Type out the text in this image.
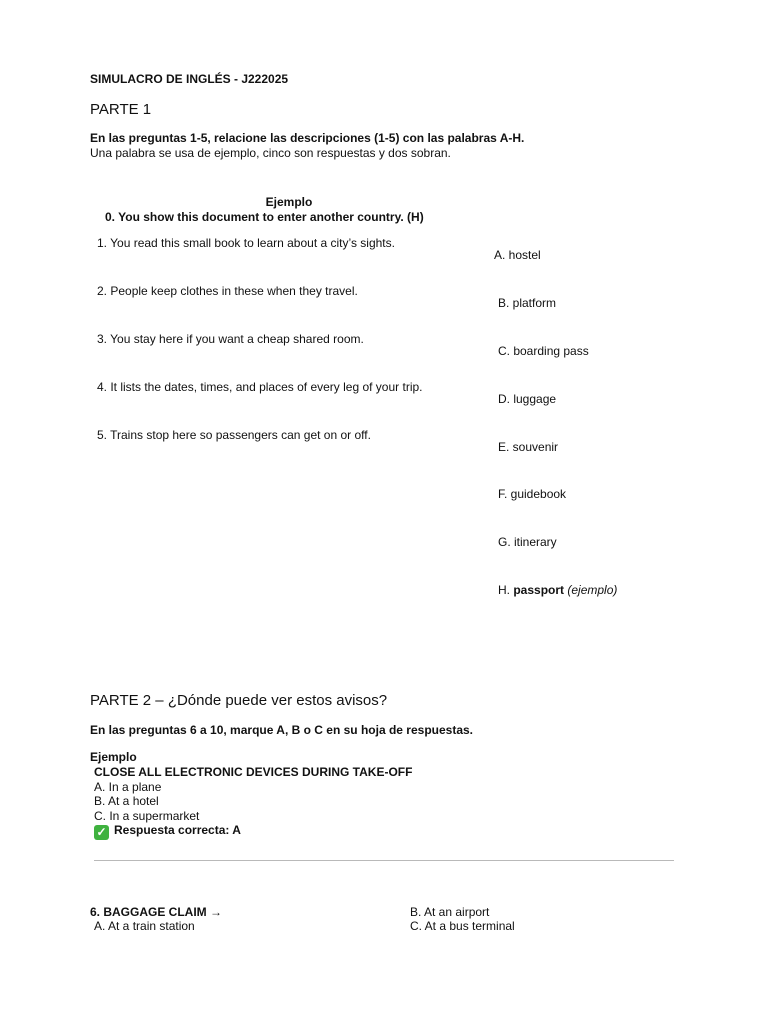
SIMULACRO DE INGLÉS - J222025
PARTE 1
En las preguntas 1-5, relacione las descripciones (1-5) con las palabras A-H.
Una palabra se usa de ejemplo, cinco son respuestas y dos sobran.
Ejemplo
0. You show this document to enter another country. (H)
1. You read this small book to learn about a city’s sights.
2. People keep clothes in these when they travel.
3. You stay here if you want a cheap shared room.
4. It lists the dates, times, and places of every leg of your trip.
5. Trains stop here so passengers can get on or off.
A. hostel
B. platform
C. boarding pass
D. luggage
E. souvenir
F. guidebook
G. itinerary
H. passport (ejemplo)
PARTE 2 – ¿Dónde puede ver estos avisos?
En las preguntas 6 a 10, marque A, B o C en su hoja de respuestas.
Ejemplo
CLOSE ALL ELECTRONIC DEVICES DURING TAKE-OFF
A. In a plane
B. At a hotel
C. In a supermarket
✓ Respuesta correcta: A
6. BAGGAGE CLAIM →
A. At a train station
B. At an airport
C. At a bus terminal
